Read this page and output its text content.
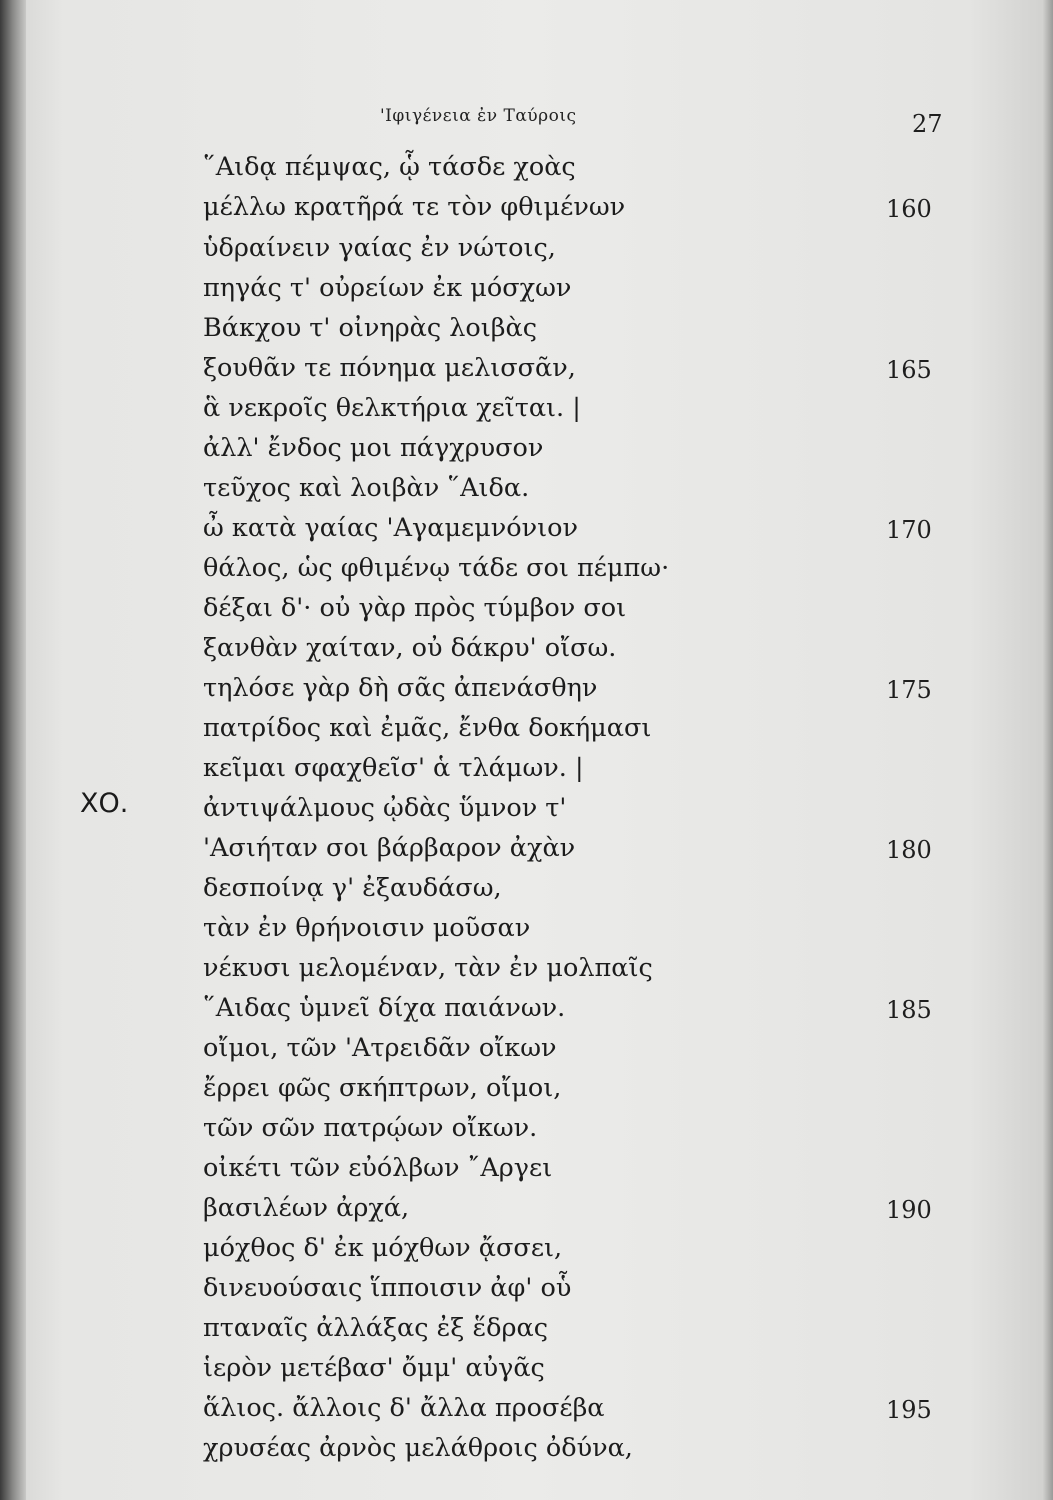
'Ιφιγένεια ἐν Ταύροις	27
ΧΟ.
῞Αιδᾳ πέμψας, ᾧ τάσδε χοὰς
μέλλω κρατῆρά τε τὸν φθιμένων
ὑδραίνειν γαίας ἐν νώτοις,
πηγάς τ' οὐρείων ἐκ μόσχων
Βάκχου τ' οἰνηρὰς λοιβὰς
ξουθᾶν τε πόνημα μελισσᾶν,
ἃ νεκροῖς θελκτήρια χεῖται. |
ἀλλ' ἔνδος μοι πάγχρυσον
τεῦχος καὶ λοιβὰν ῞Αιδα.
ὦ κατὰ γαίας 'Αγαμεμνόνιον
θάλος, ὡς φθιμένῳ τάδε σοι πέμπω·
δέξαι δ'· οὐ γὰρ πρὸς τύμβον σοι
ξανθὰν χαίταν, οὐ δάκρυ' οἴσω.
τηλόσε γὰρ δὴ σᾶς ἀπενάσθην
πατρίδος καὶ ἐμᾶς, ἔνθα δοκήμασι
κεῖμαι σφαχθεῖσ' ἁ τλάμων. |
ἀντιψάλμους ᾠδὰς ὕμνον τ'
'Ασιήταν σοι βάρβαρον ἀχὰν
δεσποίνᾳ γ' ἐξαυδάσω,
τὰν ἐν θρήνοισιν μοῦσαν
νέκυσι μελομέναν, τὰν ἐν μολπαῖς
῞Αιδας ὑμνεῖ δίχα παιάνων.
οἴμοι, τῶν 'Ατρειδᾶν οἴκων
ἔρρει φῶς σκήπτρων, οἴμοι,
τῶν σῶν πατρῴων οἴκων.
οἰκέτι τῶν εὐόλβων ῎Αργει
βασιλέων ἀρχά,
μόχθος δ' ἐκ μόχθων ᾄσσει,
δινευούσαις ἵπποισιν ἀφ' οὗ
πταναῖς ἀλλάξας ἐξ ἕδρας
ἱερὸν μετέβασ' ὄμμ' αὐγᾶς
ἅλιος. ἄλλοις δ' ἄλλα προσέβα
χρυσέας ἀρνὸς μελάθροις ὀδύνα,
160
165
170
175
180
185
190
195
